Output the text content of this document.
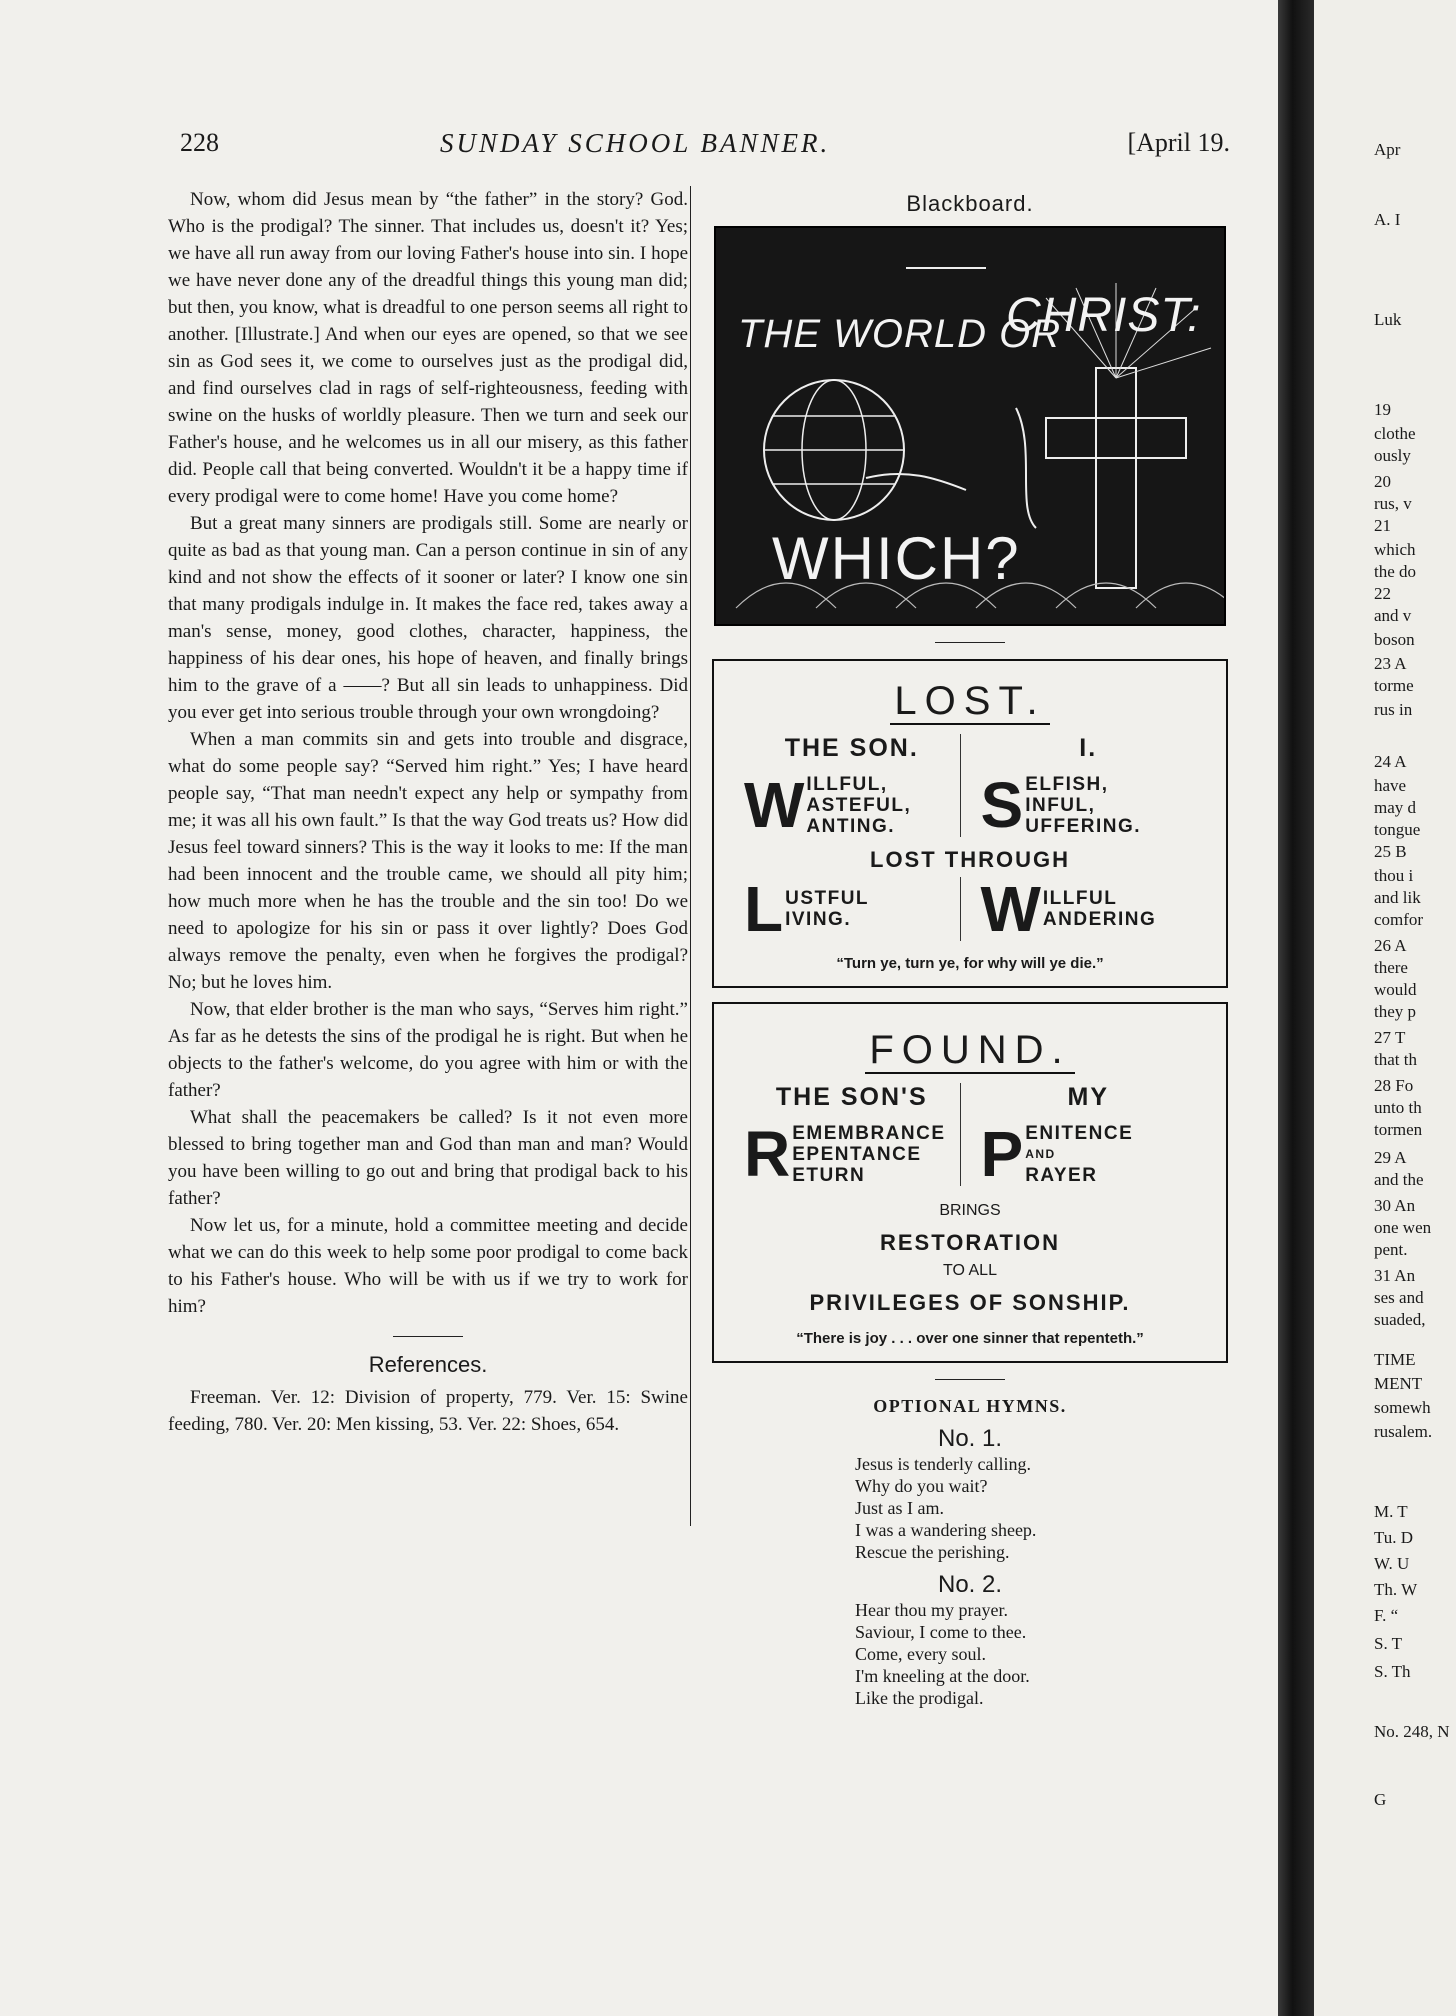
228	SUNDAY SCHOOL BANNER.	[April 19.

Now, whom did Jesus mean by “the father” in the story? God. Who is the prodigal? The sinner. That includes us, doesn't it? Yes; we have all run away from our loving Father's house into sin. I hope we have never done any of the dreadful things this young man did; but then, you know, what is dreadful to one person seems all right to another. [Illustrate.] And when our eyes are opened, so that we see sin as God sees it, we come to ourselves just as the prodigal did, and find ourselves clad in rags of self-righteousness, feeding with swine on the husks of worldly pleasure. Then we turn and seek our Father's house, and he welcomes us in all our misery, as this father did. People call that being converted. Wouldn't it be a happy time if every prodigal were to come home! Have you come home?

But a great many sinners are prodigals still. Some are nearly or quite as bad as that young man. Can a person continue in sin of any kind and not show the effects of it sooner or later? I know one sin that many prodigals indulge in. It makes the face red, takes away a man's sense, money, good clothes, character, happiness, the happiness of his dear ones, his hope of heaven, and finally brings him to the grave of a ——? But all sin leads to unhappiness. Did you ever get into serious trouble through your own wrongdoing?

When a man commits sin and gets into trouble and disgrace, what do some people say? “Served him right.” Yes; I have heard people say, “That man needn't expect any help or sympathy from me; it was all his own fault.” Is that the way God treats us? How did Jesus feel toward sinners? This is the way it looks to me: If the man had been innocent and the trouble came, we should all pity him; how much more when he has the trouble and the sin too! Do we need to apologize for his sin or pass it over lightly? Does God always remove the penalty, even when he forgives the prodigal? No; but he loves him.

Now, that elder brother is the man who says, “Serves him right.” As far as he detests the sins of the prodigal he is right. But when he objects to the father's welcome, do you agree with him or with the father?

What shall the peacemakers be called? Is it not even more blessed to bring together man and God than man and man? Would you have been willing to go out and bring that prodigal back to his father?

Now let us, for a minute, hold a committee meeting and decide what we can do this week to help some poor prodigal to come back to his Father's house. Who will be with us if we try to work for him?

References.

Freeman. Ver. 12: Division of property, 779. Ver. 15: Swine feeding, 780. Ver. 20: Men kissing, 53. Ver. 22: Shoes, 654.

Blackboard.
THE WORLD OR
CHRIST:
WHICH?
LOST.
THE SON.
W ILLFUL,
ASTEFUL,
ANTING.
I.
S ELFISH,
INFUL,
UFFERING.
LOST THROUGH
L USTFUL
IVING. W ILLFUL
ANDERING
“Turn ye, turn ye, for why will ye die.”
FOUND.
THE SON'S
R EMEMBRANCE
EPENTANCE
ETURN
MY
P ENITENCE
AND
RAYER
BRINGS
RESTORATION
TO ALL
PRIVILEGES OF SONSHIP.
“There is joy . . . over one sinner that repenteth.”
OPTIONAL HYMNS.
No. 1.
Jesus is tenderly calling.
Why do you wait?
Just as I am.
I was a wandering sheep.
Rescue the perishing.
No. 2.
Hear thou my prayer.
Saviour, I come to thee.
Come, every soul.
I'm kneeling at the door.
Like the prodigal.
Apr
A. I
Luk
19
clothe
ously
20
rus, v
21
which
the do
22
and v
boson
23 A
torme
rus in
24 A
have
may d
tongue
25 B
thou i
and lik
comfor
26 A
there
would
they p
27 T
that th
28 Fo
unto th
tormen
29 A
and the
30 An
one wen
pent.
31 An
ses and
suaded,
TIME
MENT
somewh
rusalem.
M. T
Tu. D
W. U
Th. W
F. “
S. T
S. Th
No. 248, N
G
